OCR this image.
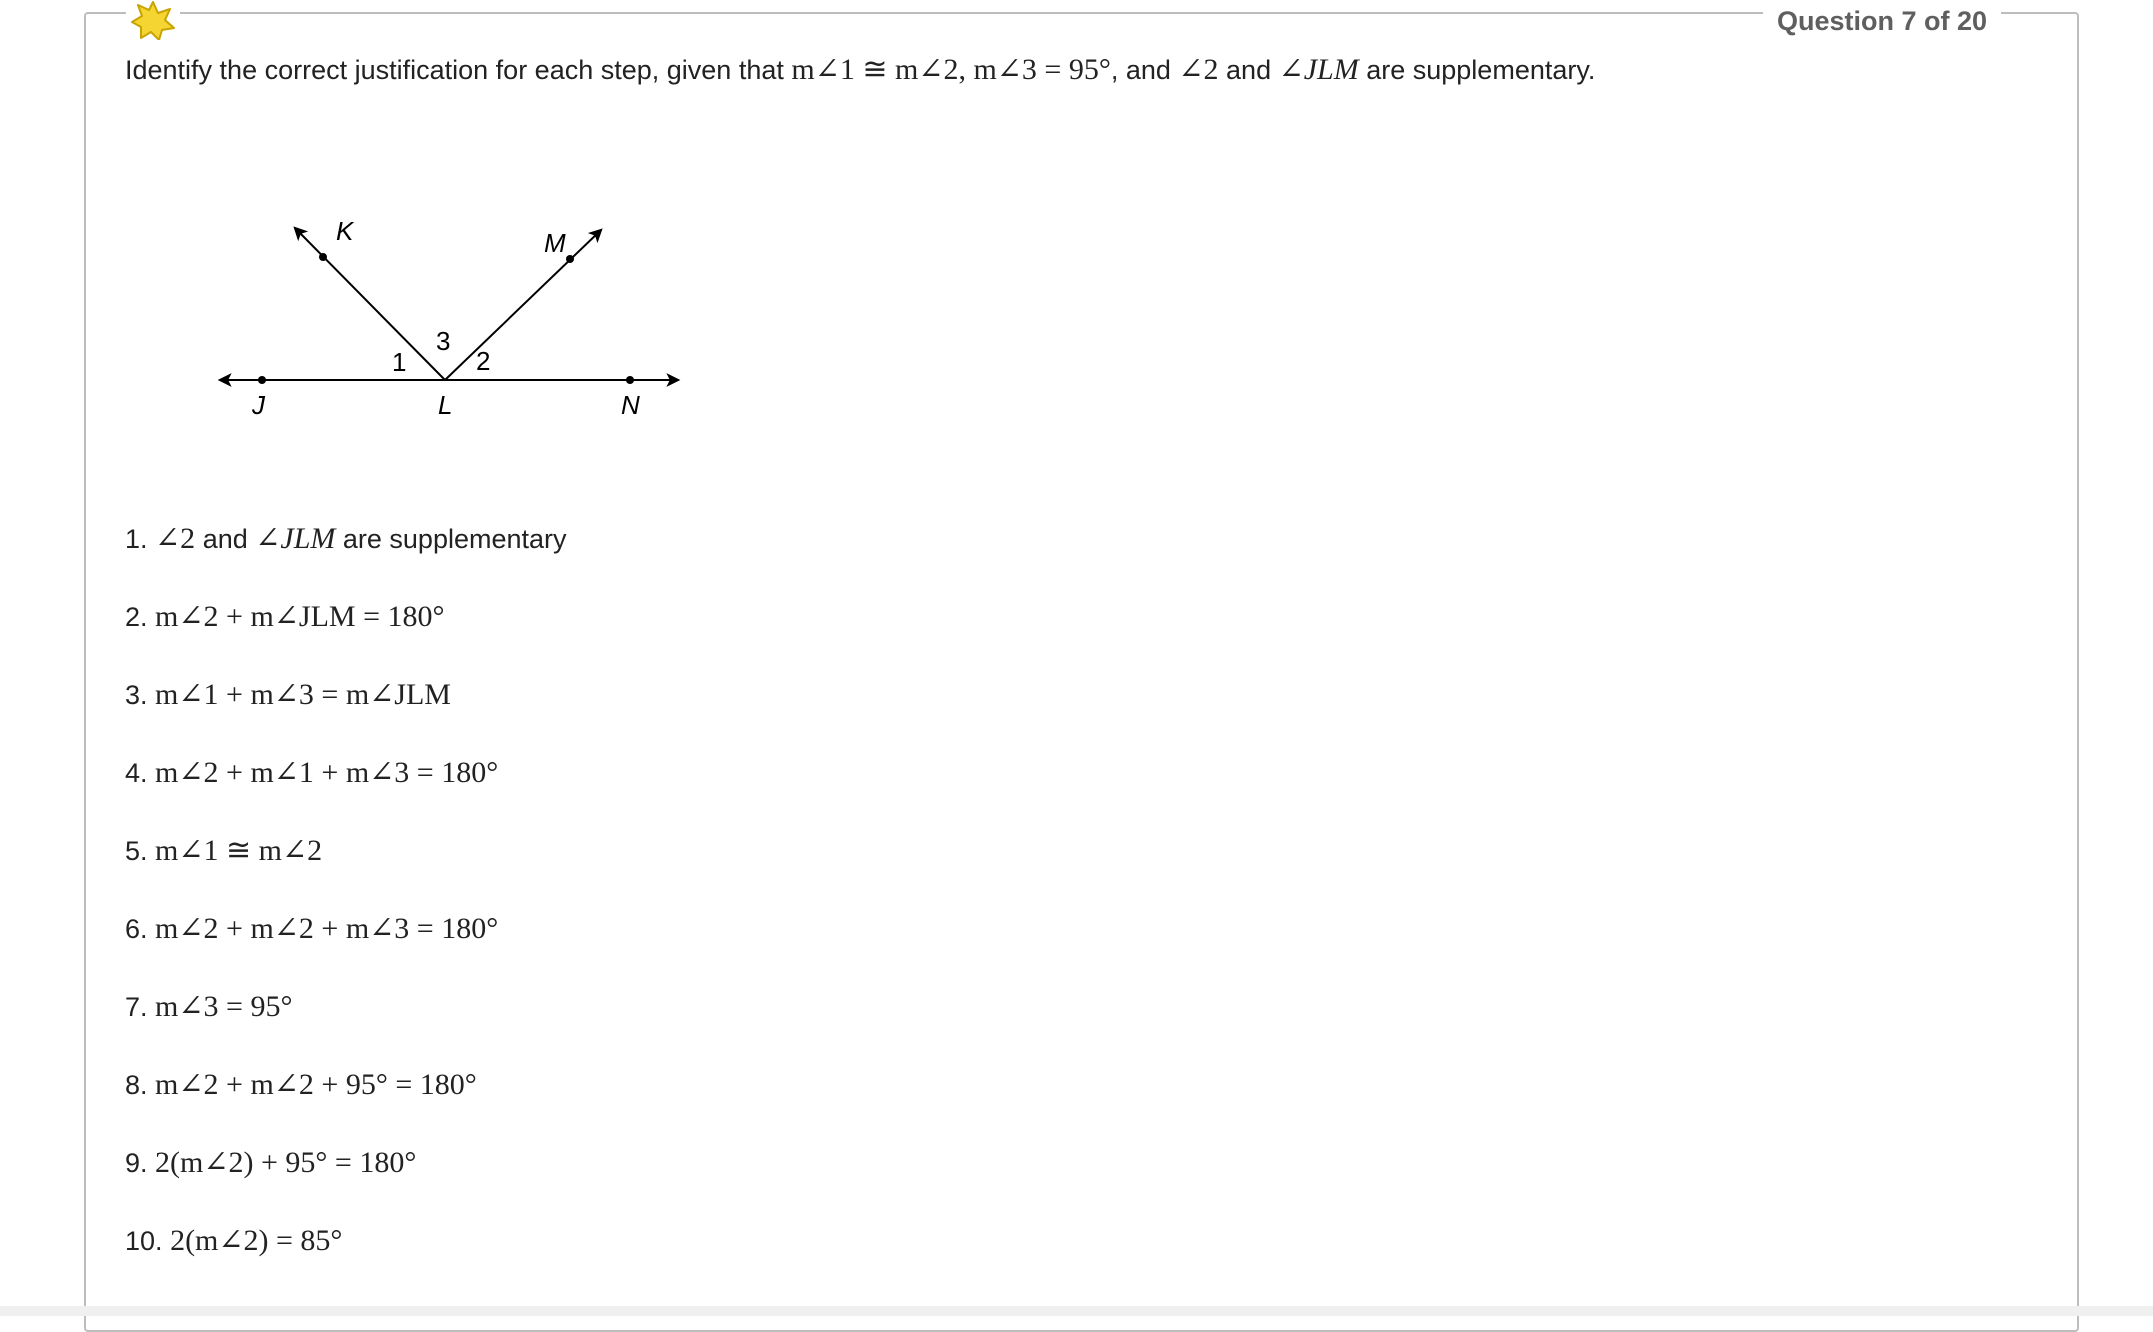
Question 7 of 20
Identify the correct justification for each step, given that m∠1 ≅ m∠2, m∠3 = 95°, and ∠2 and ∠JLM are supplementary.
K	M
J	L	N
1
3
2
1. ∠2 and ∠JLM are supplementary
2. m∠2 + m∠JLM = 180°
3. m∠1 + m∠3 = m∠JLM
4. m∠2 + m∠1 + m∠3 = 180°
5. m∠1 ≅ m∠2
6. m∠2 + m∠2 + m∠3 = 180°
7. m∠3 = 95°
8. m∠2 + m∠2 + 95° = 180°
9. 2(m∠2) + 95° = 180°
10. 2(m∠2) = 85°
